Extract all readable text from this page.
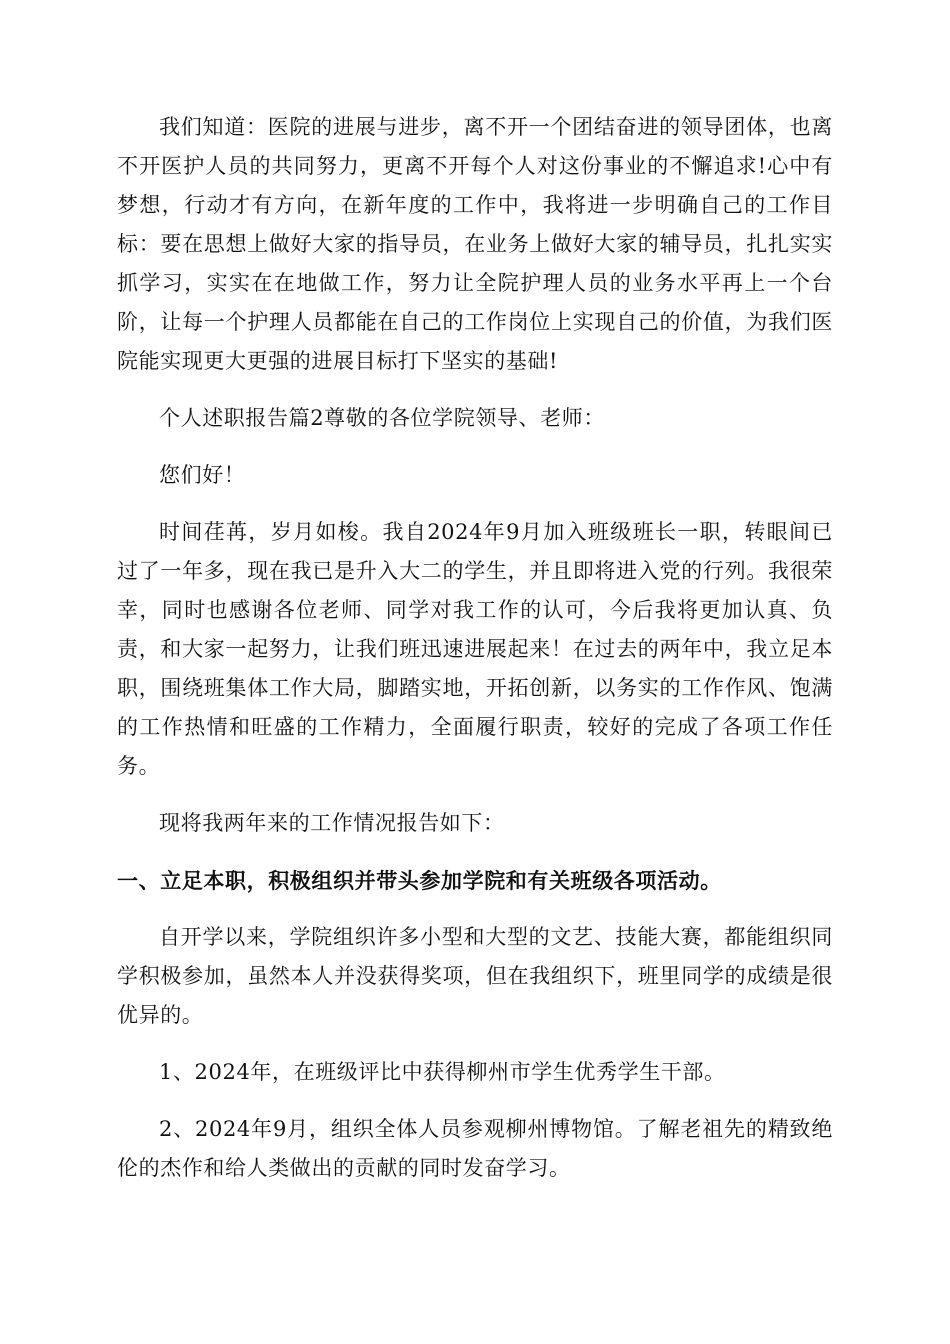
我们知道：医院的进展与进步，离不开一个团结奋进的领导团体，也离不开医护人员的共同努力，更离不开每个人对这份事业的不懈追求!心中有梦想，行动才有方向，在新年度的工作中，我将进一步明确自己的工作目标：要在思想上做好大家的指导员，在业务上做好大家的辅导员，扎扎实实抓学习，实实在在地做工作，努力让全院护理人员的业务水平再上一个台阶，让每一个护理人员都能在自己的工作岗位上实现自己的价值，为我们医院能实现更大更强的进展目标打下坚实的基础!

个人述职报告篇2尊敬的各位学院领导、老师：

您们好！

时间荏苒，岁月如梭。我自2024年9月加入班级班长一职，转眼间已过了一年多，现在我已是升入大二的学生，并且即将进入党的行列。我很荣幸，同时也感谢各位老师、同学对我工作的认可，今后我将更加认真、负责，和大家一起努力，让我们班迅速进展起来！在过去的两年中，我立足本职，围绕班集体工作大局，脚踏实地，开拓创新，以务实的工作作风、饱满的工作热情和旺盛的工作精力，全面履行职责，较好的完成了各项工作任务。

现将我两年来的工作情况报告如下：

一、立足本职，积极组织并带头参加学院和有关班级各项活动。

自开学以来，学院组织许多小型和大型的文艺、技能大赛，都能组织同学积极参加，虽然本人并没获得奖项，但在我组织下，班里同学的成绩是很优异的。

1、2024年，在班级评比中获得柳州市学生优秀学生干部。

2、2024年9月，组织全体人员参观柳州博物馆。了解老祖先的精致绝伦的杰作和给人类做出的贡献的同时发奋学习。
